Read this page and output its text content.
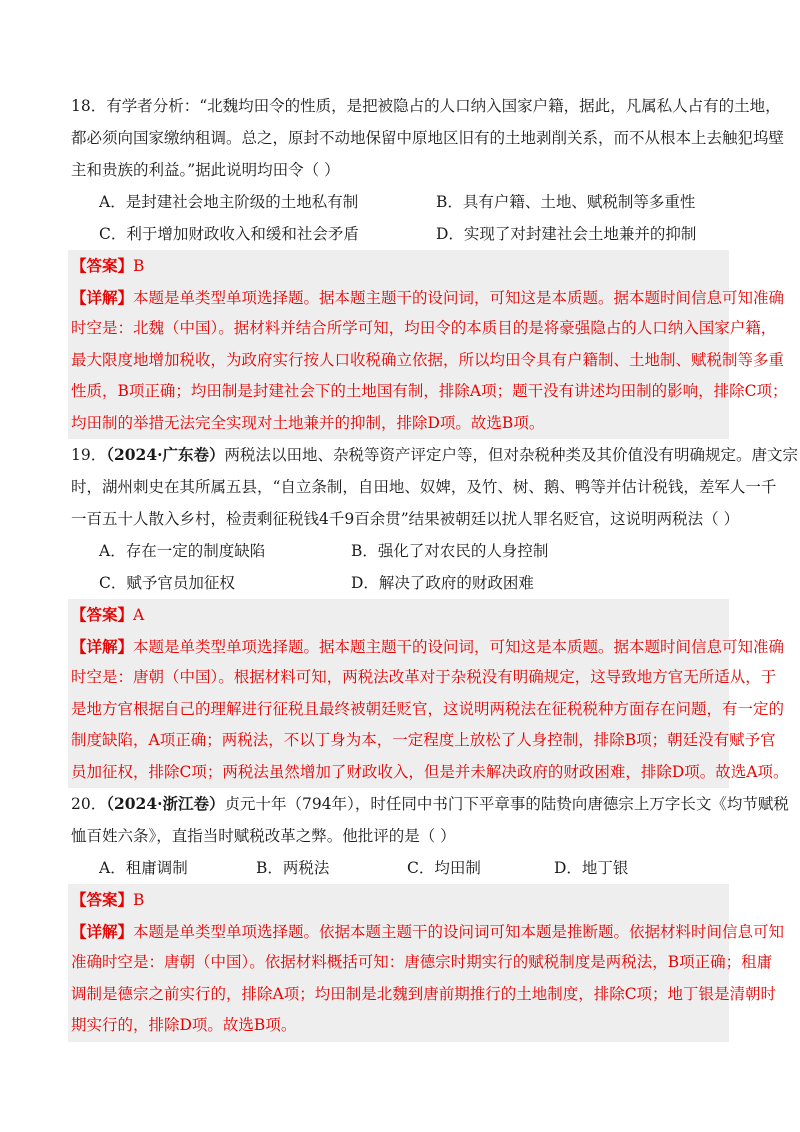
18．有学者分析：“北魏均田令的性质，是把被隐占的人口纳入国家户籍，据此，凡属私人占有的土地，
都必须向国家缴纳租调。总之，原封不动地保留中原地区旧有的土地剥削关系，而不从根本上去触犯坞壁
主和贵族的利益。”据此说明均田令（ ）
A．是封建社会地主阶级的土地私有制	B．具有户籍、土地、赋税制等多重性
C．利于增加财政收入和缓和社会矛盾	D．实现了对封建社会土地兼并的抑制
【答案】B
【详解】本题是单类型单项选择题。据本题主题干的设问词，可知这是本质题。据本题时间信息可知准确
时空是：北魏（中国）。据材料并结合所学可知，均田令的本质目的是将豪强隐占的人口纳入国家户籍，
最大限度地增加税收，为政府实行按人口收税确立依据，所以均田令具有户籍制、土地制、赋税制等多重
性质，B项正确；均田制是封建社会下的土地国有制，排除A项；题干没有讲述均田制的影响，排除C项；
均田制的举措无法完全实现对土地兼并的抑制，排除D项。故选B项。
19．（2024·广东卷）两税法以田地、杂税等资产评定户等，但对杂税种类及其价值没有明确规定。唐文宗
时，湖州刺史在其所属五县，“自立条制，自田地、奴婢，及竹、树、鹅、鸭等并估计税钱，差军人一千
一百五十人散入乡村，检责剩征税钱4千9百余贯”结果被朝廷以扰人罪名贬官，这说明两税法（ ）
A．存在一定的制度缺陷	B．强化了对农民的人身控制
C．赋予官员加征权	D．解决了政府的财政困难
【答案】A
【详解】本题是单类型单项选择题。据本题主题干的设问词，可知这是本质题。据本题时间信息可知准确
时空是：唐朝（中国）。根据材料可知，两税法改革对于杂税没有明确规定，这导致地方官无所适从，于
是地方官根据自己的理解进行征税且最终被朝廷贬官，这说明两税法在征税税种方面存在问题，有一定的
制度缺陷，A项正确；两税法，不以丁身为本，一定程度上放松了人身控制，排除B项；朝廷没有赋予官
员加征权，排除C项；两税法虽然增加了财政收入，但是并未解决政府的财政困难，排除D项。故选A项。
20．（2024·浙江卷）贞元十年（794年），时任同中书门下平章事的陆贽向唐德宗上万字长文《均节赋税
恤百姓六条》，直指当时赋税改革之弊。他批评的是（ ）
A．租庸调制	B．两税法	C．均田制	D．地丁银
【答案】B
【详解】本题是单类型单项选择题。依据本题主题干的设问词可知本题是推断题。依据材料时间信息可知
准确时空是：唐朝（中国）。依据材料概括可知：唐德宗时期实行的赋税制度是两税法，B项正确；租庸
调制是德宗之前实行的，排除A项；均田制是北魏到唐前期推行的土地制度，排除C项；地丁银是清朝时
期实行的，排除D项。故选B项。
